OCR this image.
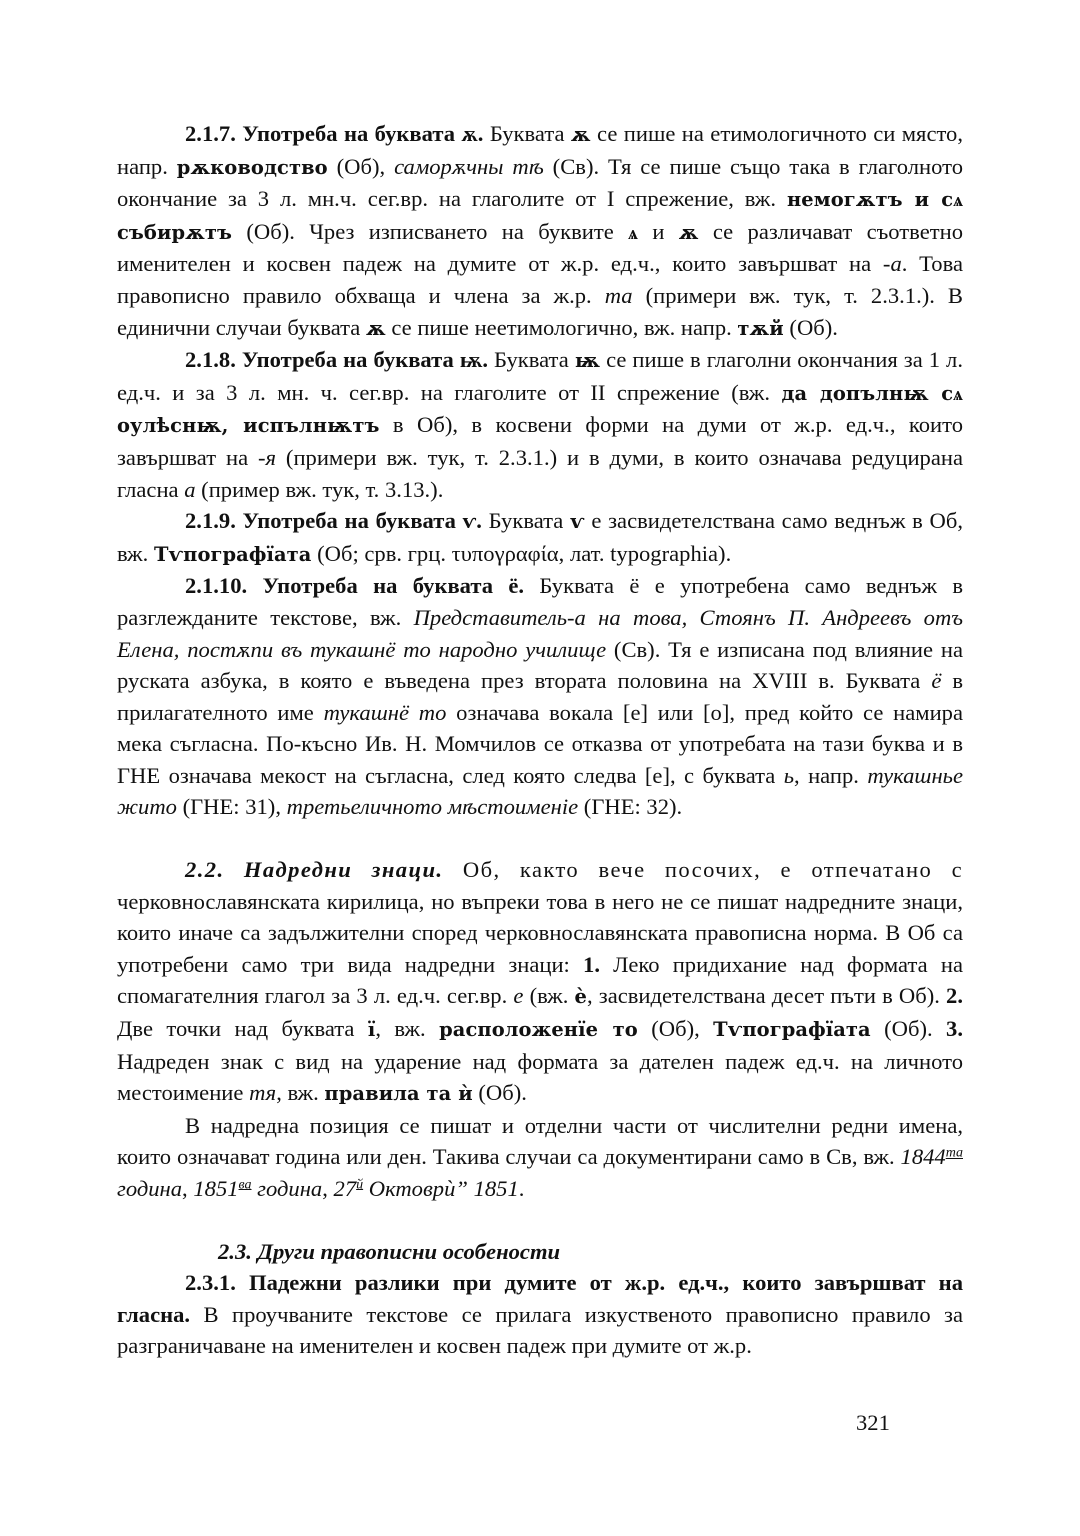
2.1.7. Употреба на буквата ѫ. Буквата ѫ се пише на етимологичното си място, напр. рѫководство (Об), саморѫчны тѣ (Св). Тя се пише също така в глаголното окончание за 3 л. мн.ч. сег.вр. на глаголите от I спрежение, вж. немогѫтъ и сѧ събирѫтъ (Об). Чрез изписването на буквите ѧ и ѫ се различават съответно именителен и косвен падеж на думите от ж.р. ед.ч., които завършват на -а. Това правописно правило обхваща и члена за ж.р. та (примери вж. тук, т. 2.3.1.). В единични случаи буквата ѫ се пише неетимологично, вж. напр. тѫй (Об).

2.1.8. Употреба на буквата ѭ. Буквата ѭ се пише в глаголни окончания за 1 л. ед.ч. и за 3 л. мн. ч. сег.вр. на глаголите от II спрежение (вж. да допълнѭ сѧ оулѣснѭ, испълнѭтъ в Об), в косвени форми на думи от ж.р. ед.ч., които завършват на -я (примери вж. тук, т. 2.3.1.) и в думи, в които означава редуцирана гласна а (пример вж. тук, т. 3.13.).

2.1.9. Употреба на буквата ѵ. Буквата ѵ е засвидетелствана само веднъж в Об, вж. Тѵпографїата (Об; срв. грц. τυπογραφία, лат. typographia).

2.1.10. Употреба на буквата ё. Буквата ё е употребена само веднъж в разглежданите текстове, вж. Представитель-а на това, Стоянъ П. Андреевъ отъ Елена, постѫпи въ тукашнё то народно училище (Св). Тя е изписана под влияние на руската азбука, в която е въведена през втората половина на XVIII в. Буквата ё в прилагателното име тукашнё то означава вокала [е] или [о], пред който се намира мека съгласна. По-късно Ив. Н. Момчилов се отказва от употребата на тази буква и в ГНЕ означава мекост на съгласна, след която следва [е], с буквата ь, напр. тукашнье жито (ГНЕ: 31), третьеличното мѣстоименiе (ГНЕ: 32).

2.2. Надредни знаци. Об, както вече посочих, е отпечатано с черковнославянската кирилица, но въпреки това в него не се пишат надредните знаци, които иначе са задължителни според черковнославянската правописна норма. В Об са употребени само три вида надредни знаци: 1. Леко придихание над формата на спомагателния глагол за 3 л. ед.ч. сег.вр. е (вж. ѐ, засвидетелствана десет пъти в Об). 2. Две точки над буквата ї, вж. расположенїе то (Об), Тѵпографїата (Об). 3. Надреден знак с вид на ударение над формата за дателен падеж ед.ч. на личното местоимение тя, вж. правила та ѝ (Об).

В надредна позиция се пишат и отделни части от числителни редни имена, които означават година или ден. Такива случаи са документирани само в Св, вж. $1844^{та}$ година, $1851^{ва}$ година, $27^й$ Октоврѝ” 1851.

2.3. Други правописни особености

2.3.1. Падежни разлики при думите от ж.р. ед.ч., които завършват на гласна. В проучваните текстове се прилага изкуственото правописно правило за разграничаване на именителен и косвен падеж при думите от ж.р.

321
